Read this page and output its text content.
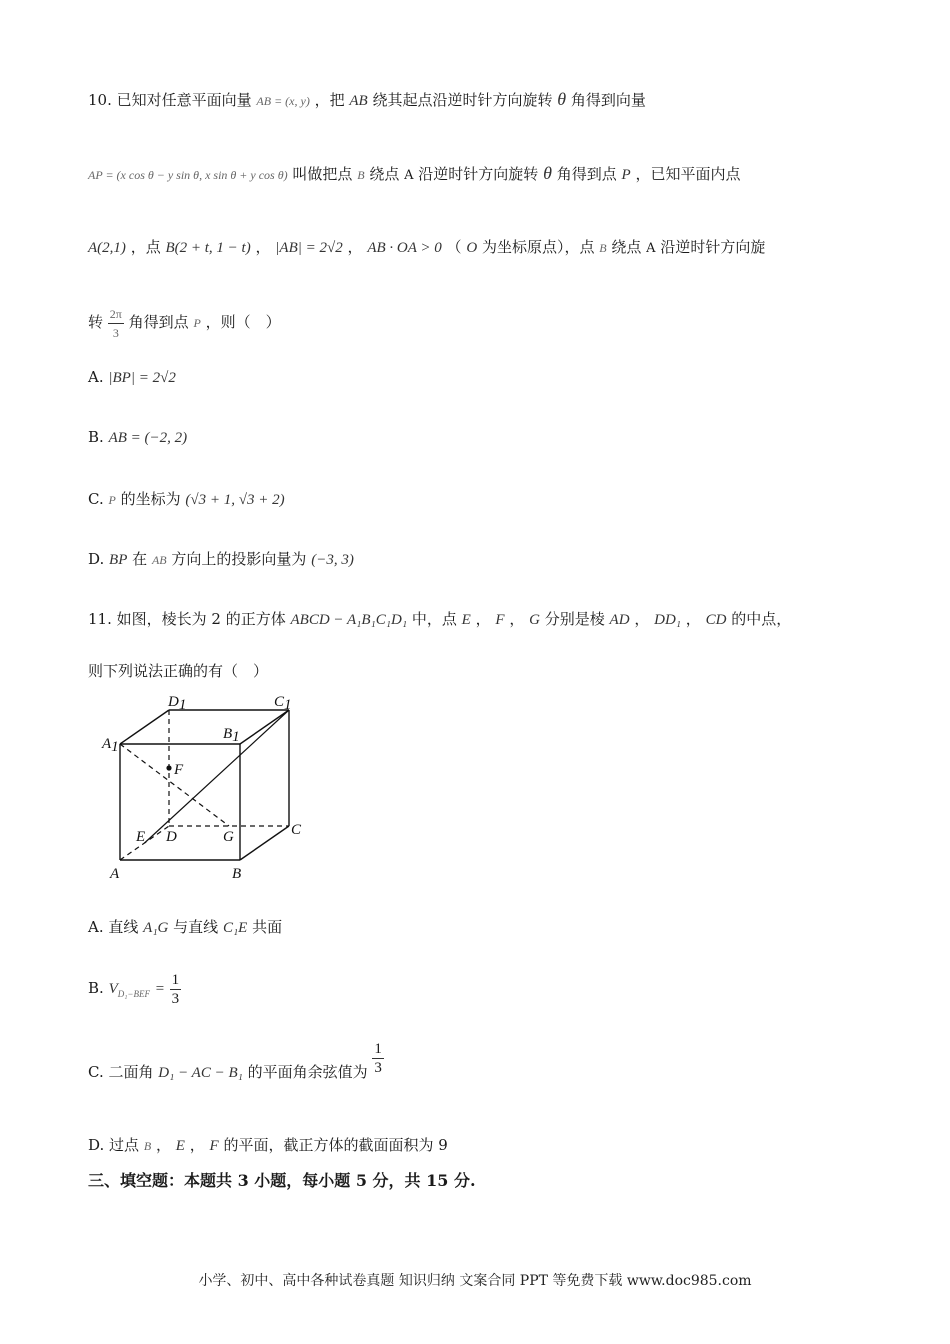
10. 已知对任意平面向量 AB = (x, y) ，把 AB 绕其起点沿逆时针方向旋转 θ 角得到向量
AP = (x cos θ − y sin θ, x sin θ + y cos θ) 叫做把点 B 绕点 A 沿逆时针方向旋转 θ 角得到点 P ，已知平面内点
A(2,1) ，点 B(2 + t, 1 − t) ， |AB| = 2√2 ， AB · OA > 0 （ O 为坐标原点），点 B 绕点 A 沿逆时针方向旋
转 $\frac{2\pi}{3}$ 角得到点 P ，则（　）
A. |BP| = 2√2
B. AB = (−2, 2)
C. P 的坐标为 (√3 + 1, √3 + 2)
D. BP 在 AB 方向上的投影向量为 (−3, 3)
11. 如图，棱长为 2 的正方体 ABCD − A₁B₁C₁D₁ 中，点 E ， F ， G 分别是棱 AD ， DD₁ ， CD 的中点，
则下列说法正确的有（　）
D1	C1
A1
B1
F
E D	G	C
A	B
A. 直线 A₁G 与直线 C₁E 共面
B. $V_{D_1-BEF} = \frac{1}{3}$
C. 二面角 D₁ − AC − B₁ 的平面角余弦值为 $\frac{1}{3}$
D. 过点 B ， E ， F 的平面，截正方体的截面面积为 9
三、填空题：本题共 3 小题，每小题 5 分，共 15 分.
小学、初中、高中各种试卷真题 知识归纳 文案合同 PPT 等免费下载 www.doc985.com
